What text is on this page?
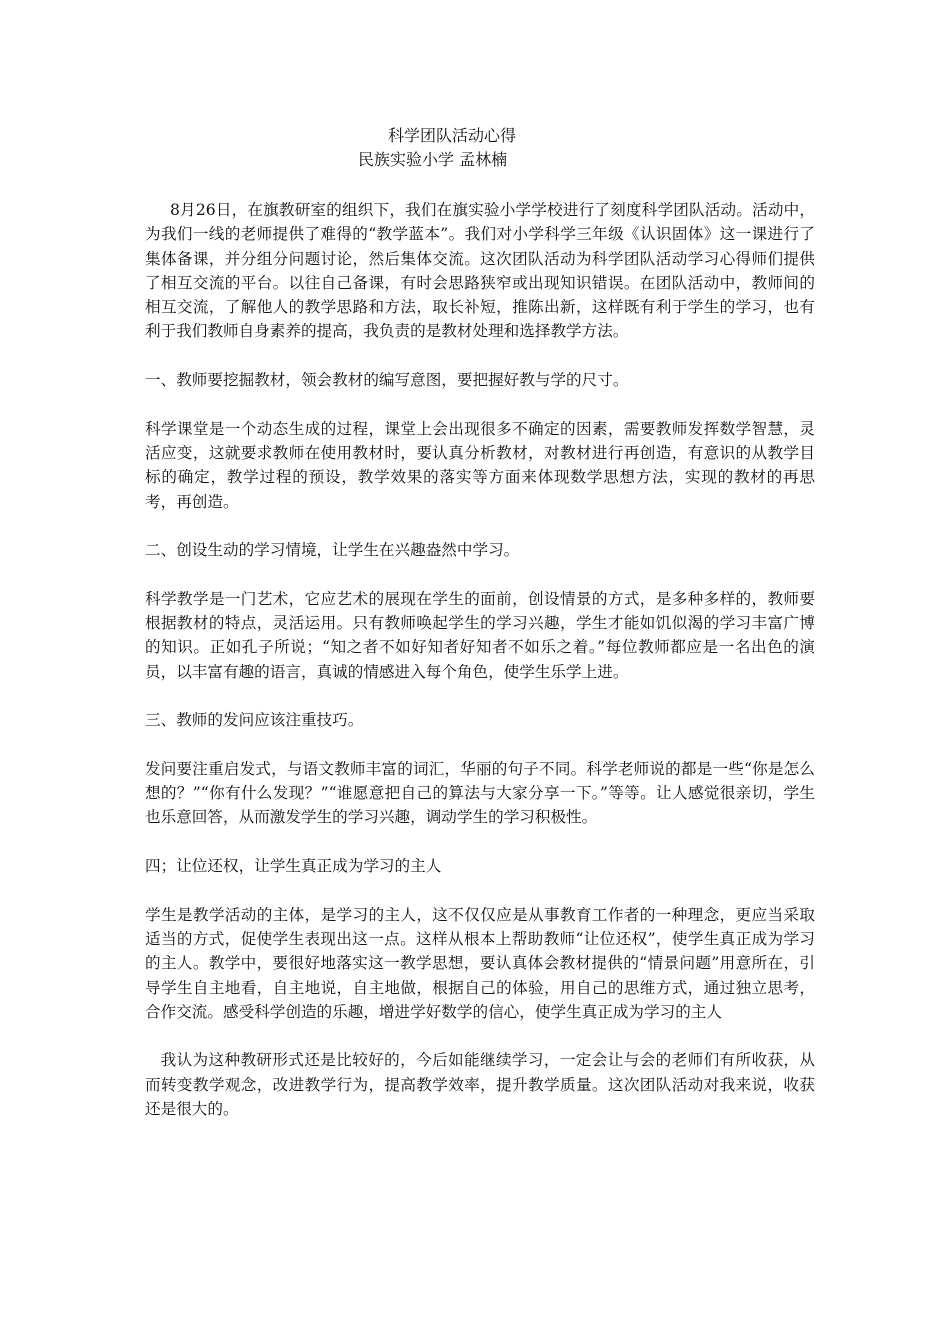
科学团队活动心得
民族实验小学 孟林楠

8月26日，在旗教研室的组织下，我们在旗实验小学学校进行了刻度科学团队活动。活动中，为我们一线的老师提供了难得的“教学蓝本”。我们对小学科学三年级《认识固体》这一课进行了集体备课，并分组分问题讨论，然后集体交流。这次团队活动为科学团队活动学习心得师们提供了相互交流的平台。以往自己备课，有时会思路狭窄或出现知识错误。在团队活动中，教师间的相互交流，了解他人的教学思路和方法，取长补短，推陈出新，这样既有利于学生的学习，也有利于我们教师自身素养的提高，我负责的是教材处理和选择教学方法。

一、教师要挖掘教材，领会教材的编写意图，要把握好教与学的尺寸。

科学课堂是一个动态生成的过程，课堂上会出现很多不确定的因素，需要教师发挥数学智慧，灵活应变，这就要求教师在使用教材时，要认真分析教材，对教材进行再创造，有意识的从教学目标的确定，教学过程的预设，教学效果的落实等方面来体现数学思想方法，实现的教材的再思考，再创造。

二、创设生动的学习情境，让学生在兴趣盎然中学习。

科学教学是一门艺术，它应艺术的展现在学生的面前，创设情景的方式，是多种多样的，教师要根据教材的特点，灵活运用。只有教师唤起学生的学习兴趣，学生才能如饥似渴的学习丰富广博的知识。正如孔子所说；“知之者不如好知者好知者不如乐之着。”每位教师都应是一名出色的演员，以丰富有趣的语言，真诚的情感进入每个角色，使学生乐学上进。

三、教师的发问应该注重技巧。

发问要注重启发式，与语文教师丰富的词汇，华丽的句子不同。科学老师说的都是一些“你是怎么想的？”“你有什么发现？”“谁愿意把自己的算法与大家分享一下。”等等。让人感觉很亲切，学生也乐意回答，从而激发学生的学习兴趣，调动学生的学习积极性。

四；让位还权，让学生真正成为学习的主人

学生是教学活动的主体，是学习的主人，这不仅仅应是从事教育工作者的一种理念，更应当采取适当的方式，促使学生表现出这一点。这样从根本上帮助教师“让位还权”，使学生真正成为学习的主人。教学中，要很好地落实这一教学思想，要认真体会教材提供的“情景问题”用意所在，引导学生自主地看，自主地说，自主地做，根据自己的体验，用自己的思维方式，通过独立思考，合作交流。感受科学创造的乐趣，增进学好数学的信心，使学生真正成为学习的主人

我认为这种教研形式还是比较好的，今后如能继续学习，一定会让与会的老师们有所收获，从而转变教学观念，改进教学行为，提高教学效率，提升教学质量。这次团队活动对我来说，收获还是很大的。
